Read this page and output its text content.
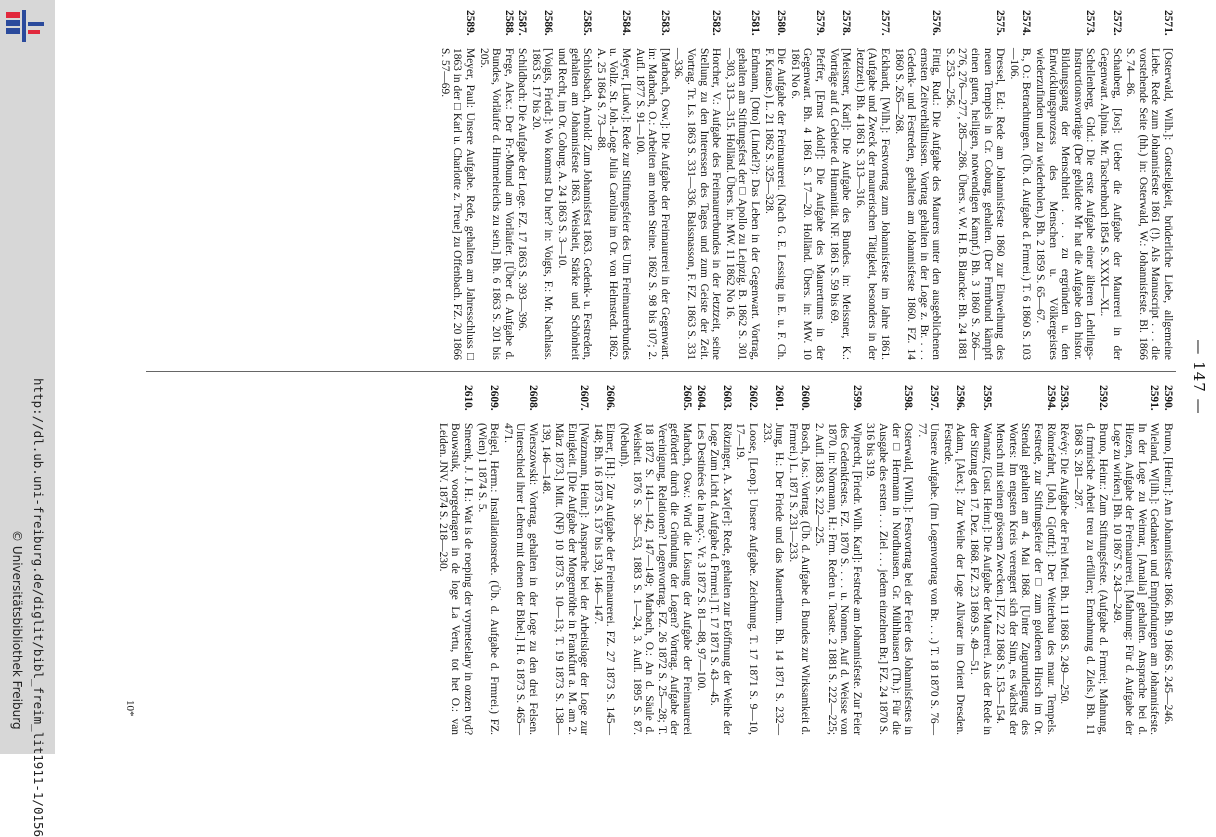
http://dl.ub.uni-freiburg.de/diglit/bibl_freim_lit1911-1/0156
© Universitätsbibliothek Freiburg
— 147 —
2571.
[Osterwald, Wilh.]: Gottseligkeit, brüderliche Liebe, allgemeine Liebe. Rede zum Johannisfeste 1861 (!). Als Manuscript . . . die vorstehende Seite (hh.) in: Osterwald, W.: Johannisfeste. Bl. 1866 S. 74—86.
2572.
Schauberg, [Jos]: Ueber die Aufgabe der Maurerei in der Gegenwart. Alpina. Mr. Taschenbuch 1854 S. XXXI—XL.
2573.
Schellenberg, Ghd.: Die erste Aufgabe einer älteren Lehrlings-Instructionsvorträge (Der gebildete Mr hat die Aufgabe den histor. Bildungsgang der Menschheit . . . zu ergründen u. den Entwicklungsprozess des Menschen u. Völkergeistes wiederzufinden und zu wiederholen.) Bh. 2 1859 S. 65—67.
2574.
B., O.: Betrachtungen. (Üb. d. Aufgabe d. Frmrei.) T. 6 1860 S. 103—106.
2575.
Dressel, Ed.: Rede am Johannisfeste 1860 zur Einweihung des neuen Tempels in Cr. Coburg, gehalten. (Der Frmrbund kämpft einen guten, heiligen, notwendigen Kampf.) Bh. 3 1860 S. 266—276, 276—277, 285—286. Übers. v. W. H. B. Blancke: Bh. 24 1881 S. 253—256.
2576.
Fittig, Rud.: Die Aufgabe des Maurers unter den ausgeblichenen ernsten Zeitverhältnissen. Vortrag gehalten in der Loge z. Br. . . . Gedenk- und Festreden, gehalten am Johannisfeste 1860. FZ. 14 1860 S. 265—268.
2577.
Eckhardt, [Wilh.]: Festvortrag zum Johannisfeste im Jahre 1861. (Aufgabe und Zweck der maurerischen Tätigkeit, besonders in der Jetztzeit.) Bh. 4 1861 S. 313—316.
2578.
[Meissner, Karl]: Die Aufgabe des Bundes. in: Meissner, K.: Vorträge auf d. Gebiete d. Humanität. NF. 1861 S. 59 bis 69.
2579.
Pfeffer, [Ernst Adolf]: Die Aufgabe des Maurertums in der Gegenwart. Bh. 4 1861 S. 17—20. Holländ. Übers. in: MW. 10 1861 No 6.
2580.
Die Aufgabe der Freimaurerei. (Nach G. E. Lessing in E. u. F. Ch. F. Krause.) L. 21 1862 S. 325—328.
2581.
Erdmann, [Otto] (Lindel?): Das Leben in der Gegenwart. Vortrag, gehalten am Stiftungsfest der □ Apollo zu Leipzig. B. 1862 S. 301—303, 313—315. Holländ. Übers. in: MW. 11 1862 No 16.
2582.
Horcher, V.: Aufgabe des Freimaurerbundes in der Jetztzeit, seine Stellung zu den Interessen des Tages und zum Geiste der Zeit. Vortrag. Tr. Ls. 1863 S. 331—336. Balssnasson, F. FZ. 1863 S. 331—336.
2583.
[Marbach, Osw.]: Die Aufgabe der Freimaurerei in der Gegenwart. in: Marbach, O.: Arbeiten am rohen Steine. 1862 S. 98 bis 107; 2. Aufl. 1877 S. 91—100.
2584.
Meyer, [Ludw.]: Rede zur Stiftungsfeier des Ulm Freimaurerbundes u. Vollz. St. Joh.-Loge Julia Carolina im Or. von Helmstedt. 1862. A. 25 1864 S. 73—88.
2585.
Schlosbach, Arnold: Zum Johannisfest 1863. Gedenk- u. Festreden, gehalten am Johannisfeste 1863. Weisheit, Stärke und Schönheit und Recht, im Or. Coburg. A. 24 1863 S. 3—10.
2586.
[Voigts, Friedr.]: Wo kommst Du her? in: Voigts, F.: Mr. Nachlass. 1863 S. 17 bis 20.
2587.
Schildbach: Die Aufgabe der Loge. FZ. 17 1863 S. 393—396.
2588.
Frege, Alex.: Der Fr.-Mbund am Vorläufer. [Über d. Aufgabe d. Bundes, Vorläufer d. Himmelreichs zu sein.] Bh. 6 1863 S. 201 bis 205.
2589.
Meyer, Paul: Unsere Aufgabe. Rede, gehalten am Jahresschluss □ 1863 in der □ Karl u. Charlotte z. Treue] zu Offenbach. FZ. 20 1866 S. 57—69.
2590.
Bruno, [Heinr.]: Am Johannisfeste 1866. Bh. 9 1866 S. 245—246.
2591.
Wieland, W[ilh.]: Gedanken und Empfindungen am Johannisfeste. In der Loge zu Weimar, [Amalia] gehalten. Ansprache bei d. Hiezen, Aufgabe der Freimaurerei. [Mahnung: Für d. Aufgabe der Loge zu wirken.] Bh. 10 1867 S. 243—249.
2592.
Bruno, Heinr.: Zum Stiftungsfeste. (Aufgabe d. Frmrei; Mahnung, d. frmrische Arbeit treu zu erfüllen; Ermahnung d. Ziels.) Bh. 11 1868 S. 281—287.
2593.
Révéy: Die Aufgabe der Frei Mrei. Bh. 11 1868 S. 249—250.
2594.
Rönnefahrt, [Joh.] G[ottfr.]: Der Weiterbau des maur. Tempels. Festrede, zur Stiftungsfeier der □ zum goldenen Hirsch im Or. Stendal gehalten am 4. Mai 1868. [Unter Zugrundlegung des Wortes: Im engsten Kreis verengert sich der Sinn, es wächst der Mensch mit seinen grössern Zwecken.] FZ. 22 1868 S. 153—154.
2595.
Warnatz, [Gust. Heinr.]: Die Aufgabe der Maurerei. Aus der Rede in der Sitzung den 17. Dez. 1868. FZ. 23 1869 S. 49—51.
2596.
Adam, [Alex.]: Zur Weihe der Loge Allvater im Orient Dresden. Festrede.
2597.
Unsere Aufgabe. (Im Logenvortrag von Br. . . .) T. 18 1870 S. 76—77.
2598.
Osterwald, [Wilh.]: Festvortrag bei der Feier des Johannisfestes in der □ Hermann in Nordhausen. Gr. Mühlhausen (Th.): Für die Ausgabe des ersten . . . Ziel . . . jedem einzelnen Br.] FZ. 24 1870 S. 316 bis 319.
2599.
Wiprecht, [Friedr. Wilh. Karl]: Festrede am Johannisfeste. Zur Feier des Gedenkfestes. FZ. 1870 S. . . . u. Nonnen. Auf d. Weisse von 1870. in: Normann, H.: Frm. Reden u. Toaste. 2 1881 S. 222—225; 2. Aufl. 1883 S. 222—225.
2600.
Bosch, Jos.: Vortrag. (Üb. d. Aufgabe d. Bundes zur Wirksamkeit d. Frmrei.) L. 1871 S. 231—233.
2601.
Jung, H.: Der Friede und das Mauerthum. Bh. 14 1871 S. 232—233.
2602.
Loose, [Leop.]: Unsere Aufgabe. Zeichnung. T. 17 1871 S. 9—10, 17—19.
2603.
Rötzinger, A. Xav[er]: Rede, gehalten zur Eröffnung der Weihe der Loge Zum Licht d. Aufgabe d. Frmrei.] T. 17 1871 S. 43—45.
2604.
Les Destinées de la maç∴. Vr. 3 1872 S. 81—88, 97—100.
2605.
Marbach, Osw.: Wird die Lösung der Aufgabe der Freimaurerei gefördert durch die Gründung der Logen? Vortrag. Aufgabe der Vereinigung, Relationen? Logenvortrag. FZ. 26 1872 S. 25—28; T. 18 1872 S. 141—142, 147—149; Marbach, O.: An d. Säule d. Weisheit. 1876 S. 36—53, 1883 S. 1—24, 3. Aufl. 1895 S. 87. (Nebuth).
2606.
Eimer, [H.]: Zur Aufgabe der Freimaurerei. FZ. 27 1873 S. 145—148; Bh. 16 1873 S. 137 bis 139, 146—147.
2607.
[Watzmann, Heinr.]: Ansprache bei der Arbeitsloge der Loge zur Einigkeit. [Die Aufgabe der Morgenröthe in Frankfurt a. M. am 2. März 1873.] Mitt. (NF) 10 1873 S. 10—13; T. 19 1873 S. 138—139, 146—148.
2608.
Wierszowski: Vortrag, gehalten in der Loge zu den drei Felsen. Unterschied ihrer Lehren mit denen der Bibel.] H. 6 1873 S. 465—471.
2609.
Beigel, Herm.: Installationsrede. (Üb. d. Aufgabe d. Frmrei.) FZ. (Wien) 1 1874 S. 5.
2610.
Smeenk, J. J. H.: Wat is de roeping der vrymetselary in onzen tyd? Bouwstuk, voorgedragen in de loge La Vertu, tot het O.: van Leiden. JNV. 1874 S. 218—230.
10*
